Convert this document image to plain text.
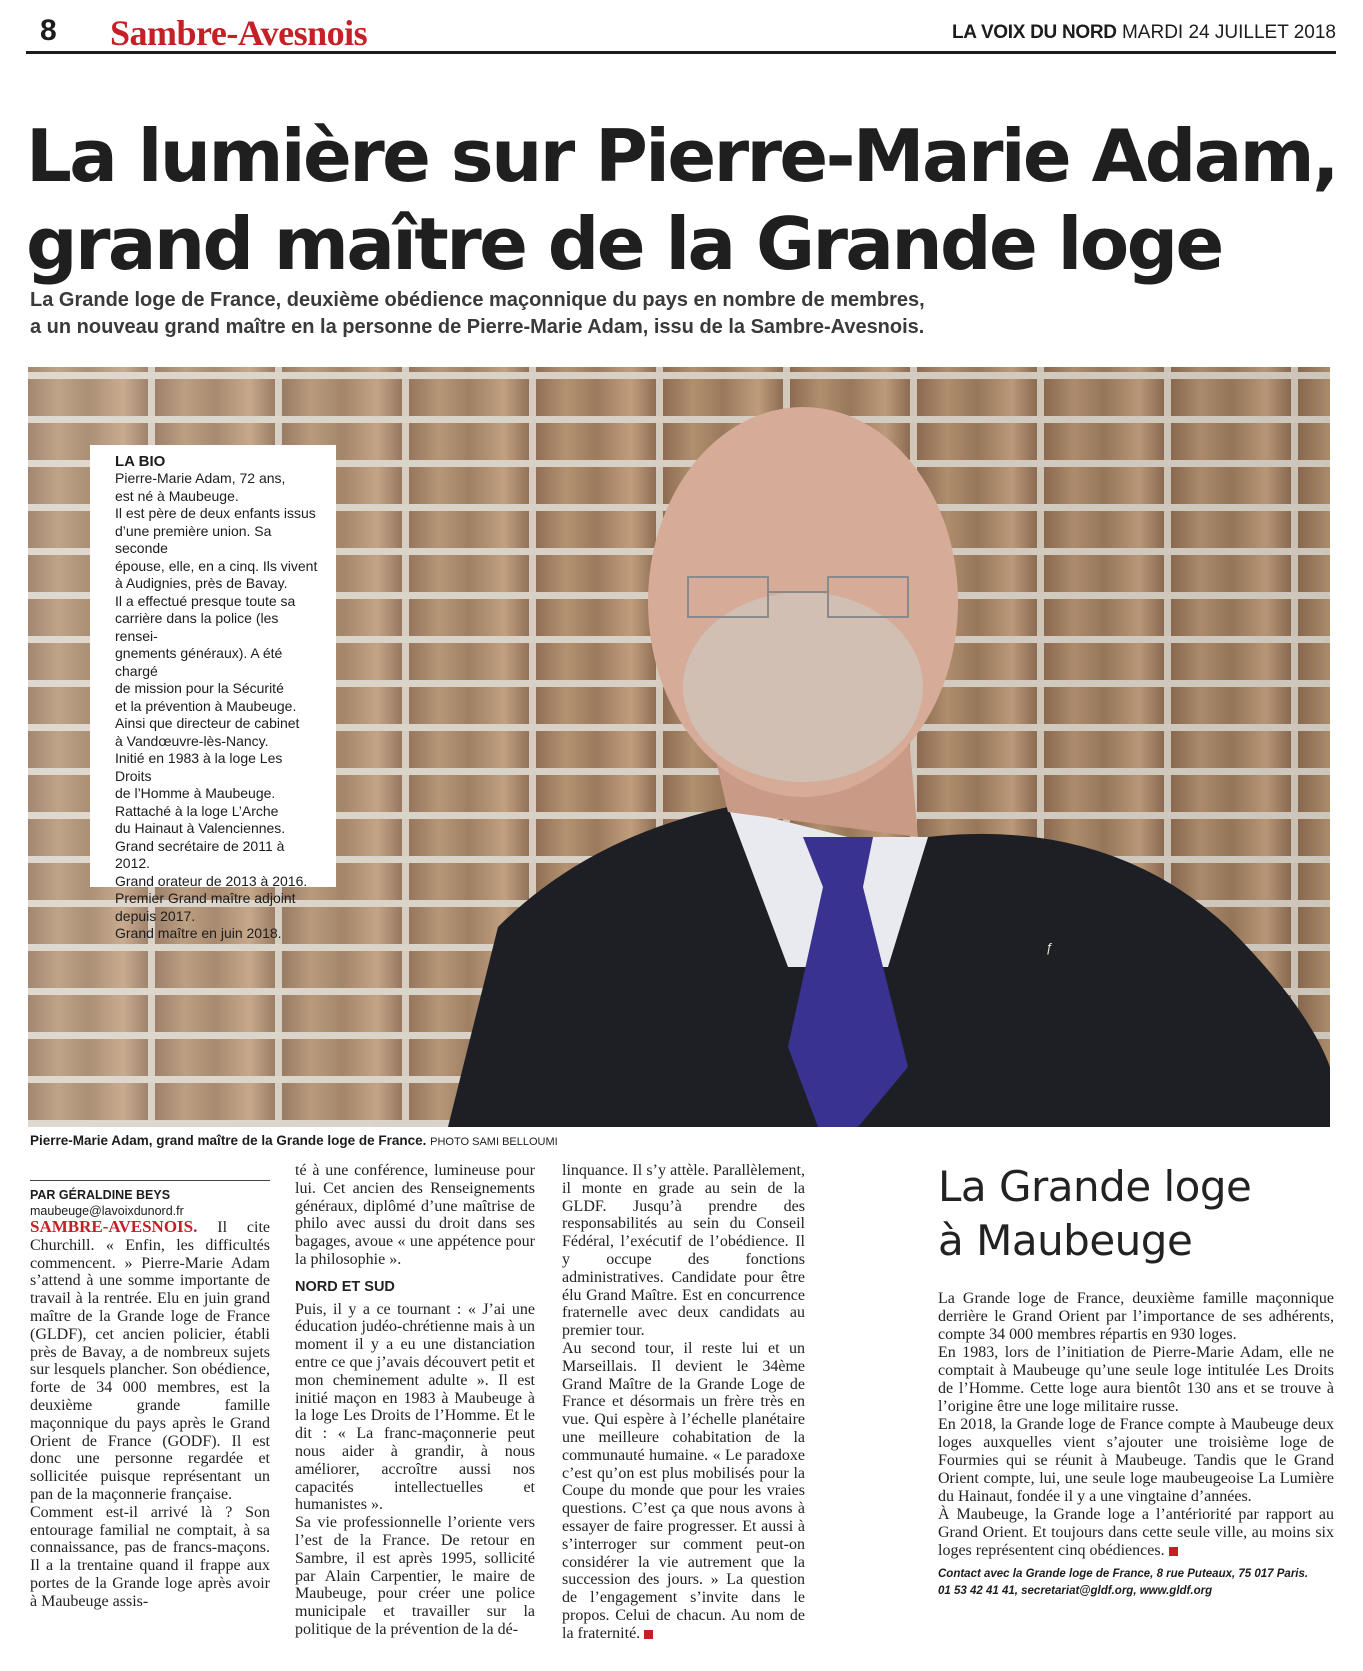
8 Sambre-Avesnois	LA VOIX DU NORD MARDI 24 JUILLET 2018
La lumière sur Pierre-Marie Adam,
grand maître de la Grande loge
La Grande loge de France, deuxième obédience maçonnique du pays en nombre de membres,
a un nouveau grand maître en la personne de Pierre-Marie Adam, issu de la Sambre-Avesnois.
ƒ
LA BIO
Pierre-Marie Adam, 72 ans,
est né à Maubeuge.
Il est père de deux enfants issus
d’une première union. Sa seconde
épouse, elle, en a cinq. Ils vivent
à Audignies, près de Bavay.
Il a effectué presque toute sa
carrière dans la police (les rensei-
gnements généraux). A été chargé
de mission pour la Sécurité
et la prévention à Maubeuge.
Ainsi que directeur de cabinet
à Vandœuvre-lès-Nancy.
Initié en 1983 à la loge Les Droits
de l’Homme à Maubeuge.
Rattaché à la loge L’Arche
du Hainaut à Valenciennes.
Grand secrétaire de 2011 à 2012.
Grand orateur de 2013 à 2016.
Premier Grand maître adjoint
depuis 2017.
Grand maître en juin 2018.
Pierre-Marie Adam, grand maître de la Grande loge de France. PHOTO SAMI BELLOUMI
PAR GÉRALDINE BEYS
maubeuge@lavoixdunord.fr
SAMBRE-AVESNOIS. Il cite Churchill. « Enfin, les difficultés commencent. » Pierre-Marie Adam s’attend à une somme importante de travail à la rentrée. Elu en juin grand maître de la Grande loge de France (GLDF), cet ancien policier, établi près de Bavay, a de nombreux sujets sur lesquels plancher. Son obédience, forte de 34 000 membres, est la deuxième grande famille maçonnique du pays après le Grand Orient de France (GODF). Il est donc une personne regardée et sollicitée puisque représentant un pan de la maçonnerie française.
Comment est-il arrivé là ? Son entourage familial ne comptait, à sa connaissance, pas de francs-maçons. Il a la trentaine quand il frappe aux portes de la Grande loge après avoir à Maubeuge assis-
té à une conférence, lumineuse pour lui. Cet ancien des Renseignements généraux, diplômé d’une maîtrise de philo avec aussi du droit dans ses bagages, avoue « une appétence pour la philosophie ».
NORD ET SUD
Puis, il y a ce tournant : « J’ai une éducation judéo-chrétienne mais à un moment il y a eu une distanciation entre ce que j’avais découvert petit et mon cheminement adulte ». Il est initié maçon en 1983 à Maubeuge à la loge Les Droits de l’Homme. Et le dit : « La franc-maçonnerie peut nous aider à grandir, à nous améliorer, accroître aussi nos capacités intellectuelles et humanistes ».
Sa vie professionnelle l’oriente vers l’est de la France. De retour en Sambre, il est après 1995, sollicité par Alain Carpentier, le maire de Maubeuge, pour créer une police municipale et travailler sur la politique de la prévention de la dé-
linquance. Il s’y attèle. Parallèlement, il monte en grade au sein de la GLDF. Jusqu’à prendre des responsabilités au sein du Conseil Fédéral, l’exécutif de l’obédience. Il y occupe des fonctions administratives. Candidate pour être élu Grand Maître. Est en concurrence fraternelle avec deux candidats au premier tour.
Au second tour, il reste lui et un Marseillais. Il devient le 34ème Grand Maître de la Grande Loge de France et désormais un frère très en vue. Qui espère à l’échelle planétaire une meilleure cohabitation de la communauté humaine. « Le paradoxe c’est qu’on est plus mobilisés pour la Coupe du monde que pour les vraies questions. C’est ça que nous avons à essayer de faire progresser. Et aussi à s’interroger sur comment peut-on considérer la vie autrement que la succession des jours. » La question de l’engagement s’invite dans le propos. Celui de chacun. Au nom de la fraternité.
La Grande loge
à Maubeuge
La Grande loge de France, deuxième famille maçonnique derrière le Grand Orient par l’importance de ses adhérents, compte 34 000 membres répartis en 930 loges.
En 1983, lors de l’initiation de Pierre-Marie Adam, elle ne comptait à Maubeuge qu’une seule loge intitulée Les Droits de l’Homme. Cette loge aura bientôt 130 ans et se trouve à l’origine être une loge militaire russe.
En 2018, la Grande loge de France compte à Maubeuge deux loges auxquelles vient s’ajouter une troisième loge de Fourmies qui se réunit à Maubeuge. Tandis que le Grand Orient compte, lui, une seule loge maubeugeoise La Lumière du Hainaut, fondée il y a une vingtaine d’années.
À Maubeuge, la Grande loge a l’antériorité par rapport au Grand Orient. Et toujours dans cette seule ville, au moins six loges représentent cinq obédiences.
Contact avec la Grande loge de France, 8 rue Puteaux, 75 017 Paris.
01 53 42 41 41, secretariat@gldf.org, www.gldf.org
